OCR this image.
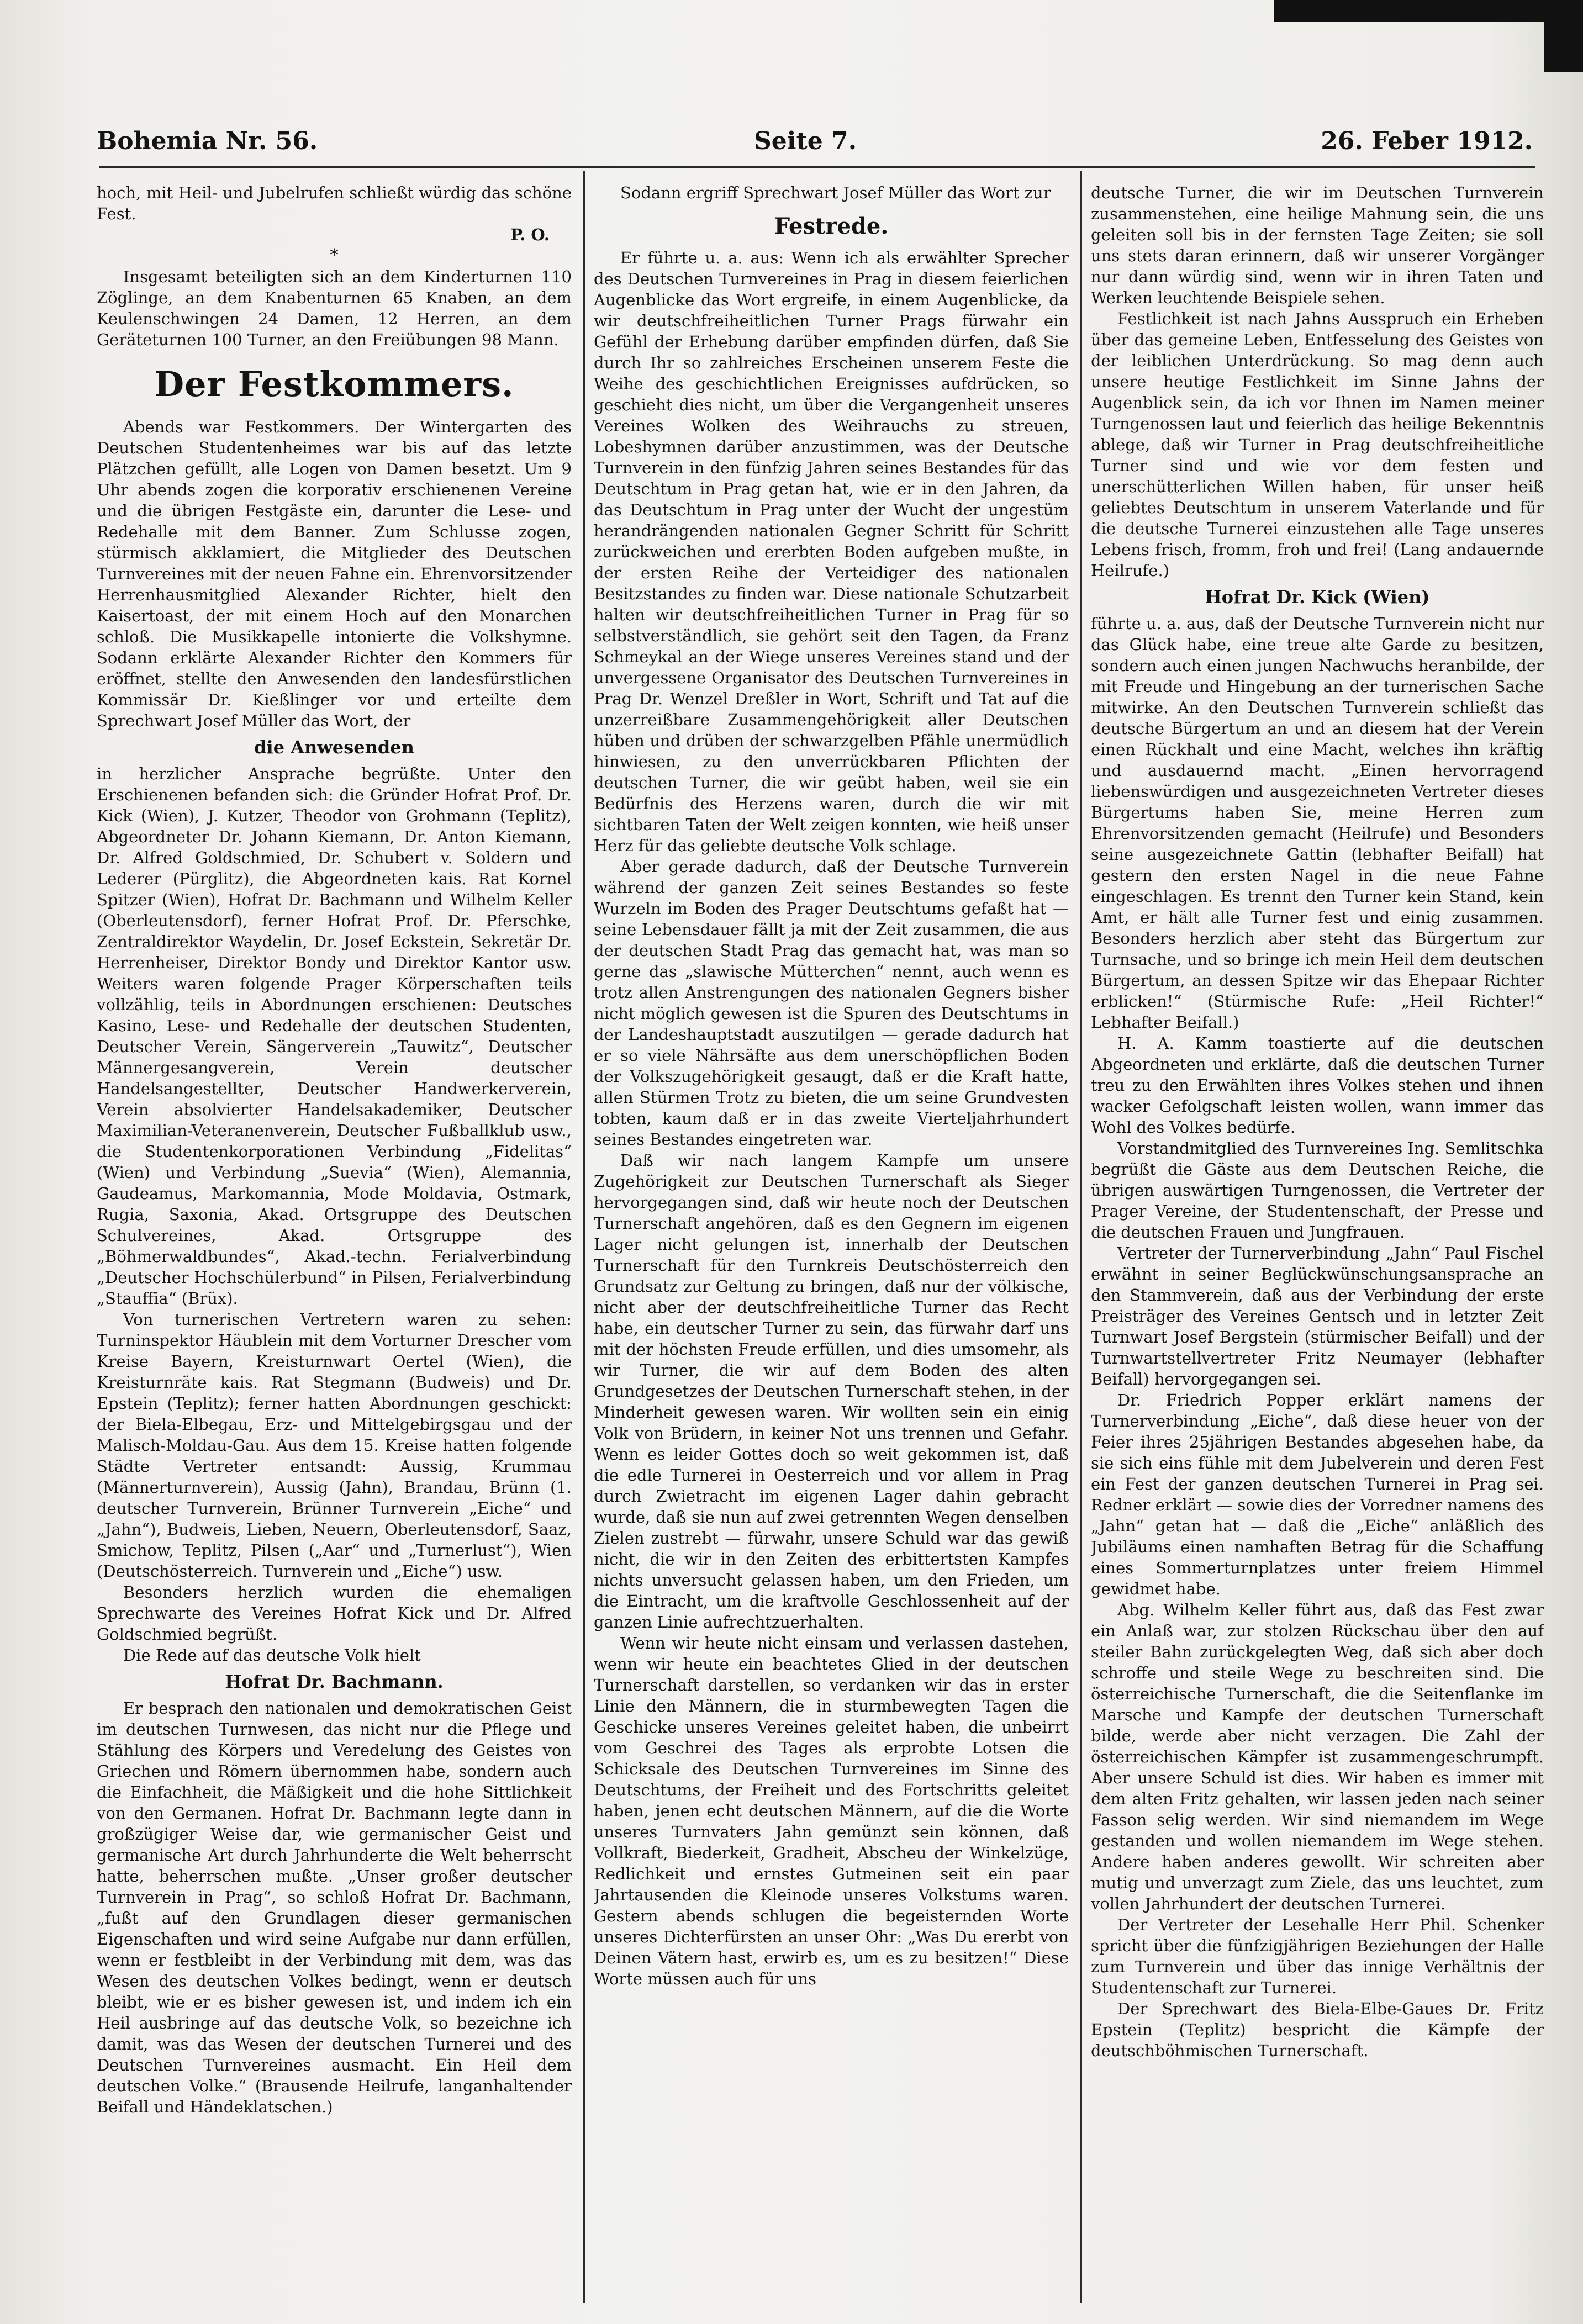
Bohemia Nr. 56.	Seite 7.	26. Feber 1912.

hoch, mit Heil- und Jubelrufen schließt würdig das schöne Fest.

P. O.
*

Insgesamt beteiligten sich an dem Kinderturnen 110 Zöglinge, an dem Knabenturnen 65 Knaben, an dem Keulenschwingen 24 Damen, 12 Herren, an dem Geräteturnen 100 Turner, an den Freiübungen 98 Mann.

Der Festkommers.

Abends war Festkommers. Der Wintergarten des Deutschen Studentenheimes war bis auf das letzte Plätzchen gefüllt, alle Logen von Damen besetzt. Um 9 Uhr abends zogen die korporativ erschienenen Vereine und die übrigen Festgäste ein, darunter die Lese- und Redehalle mit dem Banner. Zum Schlusse zogen, stürmisch akklamiert, die Mitglieder des Deutschen Turnvereines mit der neuen Fahne ein. Ehrenvorsitzender Herrenhausmitglied Alexander Richter, hielt den Kaisertoast, der mit einem Hoch auf den Monarchen schloß. Die Musikkapelle intonierte die Volkshymne. Sodann erklärte Alexander Richter den Kommers für eröffnet, stellte den Anwesenden den landesfürstlichen Kommissär Dr. Kießlinger vor und erteilte dem Sprechwart Josef Müller das Wort, der

die Anwesenden

in herzlicher Ansprache begrüßte. Unter den Erschienenen befanden sich: die Gründer Hofrat Prof. Dr. Kick (Wien), J. Kutzer, Theodor von Grohmann (Teplitz), Abgeordneter Dr. Johann Kiemann, Dr. Anton Kiemann, Dr. Alfred Goldschmied, Dr. Schubert v. Soldern und Lederer (Pürglitz), die Abgeordneten kais. Rat Kornel Spitzer (Wien), Hofrat Dr. Bachmann und Wilhelm Keller (Oberleutensdorf), ferner Hofrat Prof. Dr. Pferschke, Zentraldirektor Waydelin, Dr. Josef Eckstein, Sekretär Dr. Herrenheiser, Direktor Bondy und Direktor Kantor usw. Weiters waren folgende Prager Körperschaften teils vollzählig, teils in Abordnungen erschienen: Deutsches Kasino, Lese- und Redehalle der deutschen Studenten, Deutscher Verein, Sängerverein „Tauwitz“, Deutscher Männergesangverein, Verein deutscher Handelsangestellter, Deutscher Handwerkerverein, Verein absolvierter Handelsakademiker, Deutscher Maximilian-Veteranenverein, Deutscher Fußballklub usw., die Studentenkorporationen Verbindung „Fidelitas“ (Wien) und Verbindung „Suevia“ (Wien), Alemannia, Gaudeamus, Markomannia, Mode Moldavia, Ostmark, Rugia, Saxonia, Akad. Ortsgruppe des Deutschen Schulvereines, Akad. Ortsgruppe des „Böhmerwaldbundes“, Akad.-techn. Ferialverbindung „Deutscher Hochschülerbund“ in Pilsen, Ferialverbindung „Stauffia“ (Brüx).

Von turnerischen Vertretern waren zu sehen: Turninspektor Häublein mit dem Vorturner Drescher vom Kreise Bayern, Kreisturnwart Oertel (Wien), die Kreisturnräte kais. Rat Stegmann (Budweis) und Dr. Epstein (Teplitz); ferner hatten Abordnungen geschickt: der Biela-Elbegau, Erz- und Mittelgebirgsgau und der Malisch-Moldau-Gau. Aus dem 15. Kreise hatten folgende Städte Vertreter entsandt: Aussig, Krummau (Männerturnverein), Aussig (Jahn), Brandau, Brünn (1. deutscher Turnverein, Brünner Turnverein „Eiche“ und „Jahn“), Budweis, Lieben, Neuern, Oberleutensdorf, Saaz, Smichow, Teplitz, Pilsen („Aar“ und „Turnerlust“), Wien (Deutschösterreich. Turnverein und „Eiche“) usw.

Besonders herzlich wurden die ehemaligen Sprechwarte des Vereines Hofrat Kick und Dr. Alfred Goldschmied begrüßt.

Die Rede auf das deutsche Volk hielt

Hofrat Dr. Bachmann.

Er besprach den nationalen und demokratischen Geist im deutschen Turnwesen, das nicht nur die Pflege und Stählung des Körpers und Veredelung des Geistes von Griechen und Römern übernommen habe, sondern auch die Einfachheit, die Mäßigkeit und die hohe Sittlichkeit von den Germanen. Hofrat Dr. Bachmann legte dann in großzügiger Weise dar, wie germanischer Geist und germanische Art durch Jahrhunderte die Welt beherrscht hatte, beherrschen mußte. „Unser großer deutscher Turnverein in Prag“, so schloß Hofrat Dr. Bachmann, „fußt auf den Grundlagen dieser germanischen Eigenschaften und wird seine Aufgabe nur dann erfüllen, wenn er festbleibt in der Verbindung mit dem, was das Wesen des deutschen Volkes bedingt, wenn er deutsch bleibt, wie er es bisher gewesen ist, und indem ich ein Heil ausbringe auf das deutsche Volk, so bezeichne ich damit, was das Wesen der deutschen Turnerei und des Deutschen Turnvereines ausmacht. Ein Heil dem deutschen Volke.“ (Brausende Heilrufe, langanhaltender Beifall und Händeklatschen.)

Sodann ergriff Sprechwart Josef Müller das Wort zur

Festrede.

Er führte u. a. aus: Wenn ich als erwählter Sprecher des Deutschen Turnvereines in Prag in diesem feierlichen Augenblicke das Wort ergreife, in einem Augenblicke, da wir deutschfreiheitlichen Turner Prags fürwahr ein Gefühl der Erhebung darüber empfinden dürfen, daß Sie durch Ihr so zahlreiches Erscheinen unserem Feste die Weihe des geschichtlichen Ereignisses aufdrücken, so geschieht dies nicht, um über die Vergangenheit unseres Vereines Wolken des Weihrauchs zu streuen, Lobeshymnen darüber anzustimmen, was der Deutsche Turnverein in den fünfzig Jahren seines Bestandes für das Deutschtum in Prag getan hat, wie er in den Jahren, da das Deutschtum in Prag unter der Wucht der ungestüm herandrängenden nationalen Gegner Schritt für Schritt zurückweichen und ererbten Boden aufgeben mußte, in der ersten Reihe der Verteidiger des nationalen Besitzstandes zu finden war. Diese nationale Schutzarbeit halten wir deutschfreiheitlichen Turner in Prag für so selbstverständlich, sie gehört seit den Tagen, da Franz Schmeykal an der Wiege unseres Vereines stand und der unvergessene Organisator des Deutschen Turnvereines in Prag Dr. Wenzel Dreßler in Wort, Schrift und Tat auf die unzerreißbare Zusammengehörigkeit aller Deutschen hüben und drüben der schwarzgelben Pfähle unermüdlich hinwiesen, zu den unverrückbaren Pflichten der deutschen Turner, die wir geübt haben, weil sie ein Bedürfnis des Herzens waren, durch die wir mit sichtbaren Taten der Welt zeigen konnten, wie heiß unser Herz für das geliebte deutsche Volk schlage.

Aber gerade dadurch, daß der Deutsche Turnverein während der ganzen Zeit seines Bestandes so feste Wurzeln im Boden des Prager Deutschtums gefaßt hat — seine Lebensdauer fällt ja mit der Zeit zusammen, die aus der deutschen Stadt Prag das gemacht hat, was man so gerne das „slawische Mütterchen“ nennt, auch wenn es trotz allen Anstrengungen des nationalen Gegners bisher nicht möglich gewesen ist die Spuren des Deutschtums in der Landeshauptstadt auszutilgen — gerade dadurch hat er so viele Nährsäfte aus dem unerschöpflichen Boden der Volkszugehörigkeit gesaugt, daß er die Kraft hatte, allen Stürmen Trotz zu bieten, die um seine Grundvesten tobten, kaum daß er in das zweite Vierteljahrhundert seines Bestandes eingetreten war.

Daß wir nach langem Kampfe um unsere Zugehörigkeit zur Deutschen Turnerschaft als Sieger hervorgegangen sind, daß wir heute noch der Deutschen Turnerschaft angehören, daß es den Gegnern im eigenen Lager nicht gelungen ist, innerhalb der Deutschen Turnerschaft für den Turnkreis Deutschösterreich den Grundsatz zur Geltung zu bringen, daß nur der völkische, nicht aber der deutschfreiheitliche Turner das Recht habe, ein deutscher Turner zu sein, das fürwahr darf uns mit der höchsten Freude erfüllen, und dies umsomehr, als wir Turner, die wir auf dem Boden des alten Grundgesetzes der Deutschen Turnerschaft stehen, in der Minderheit gewesen waren. Wir wollten sein ein einig Volk von Brüdern, in keiner Not uns trennen und Gefahr. Wenn es leider Gottes doch so weit gekommen ist, daß die edle Turnerei in Oesterreich und vor allem in Prag durch Zwietracht im eigenen Lager dahin gebracht wurde, daß sie nun auf zwei getrennten Wegen denselben Zielen zustrebt — fürwahr, unsere Schuld war das gewiß nicht, die wir in den Zeiten des erbittertsten Kampfes nichts unversucht gelassen haben, um den Frieden, um die Eintracht, um die kraftvolle Geschlossenheit auf der ganzen Linie aufrechtzuerhalten.

Wenn wir heute nicht einsam und verlassen dastehen, wenn wir heute ein beachtetes Glied in der deutschen Turnerschaft darstellen, so verdanken wir das in erster Linie den Männern, die in sturmbewegten Tagen die Geschicke unseres Vereines geleitet haben, die unbeirrt vom Geschrei des Tages als erprobte Lotsen die Schicksale des Deutschen Turnvereines im Sinne des Deutschtums, der Freiheit und des Fortschritts geleitet haben, jenen echt deutschen Männern, auf die die Worte unseres Turnvaters Jahn gemünzt sein können, daß Vollkraft, Biederkeit, Gradheit, Abscheu der Winkelzüge, Redlichkeit und ernstes Gutmeinen seit ein paar Jahrtausenden die Kleinode unseres Volkstums waren. Gestern abends schlugen die begeisternden Worte unseres Dichterfürsten an unser Ohr: „Was Du ererbt von Deinen Vätern hast, erwirb es, um es zu besitzen!“ Diese Worte müssen auch für uns

deutsche Turner, die wir im Deutschen Turnverein zusammenstehen, eine heilige Mahnung sein, die uns geleiten soll bis in der fernsten Tage Zeiten; sie soll uns stets daran erinnern, daß wir unserer Vorgänger nur dann würdig sind, wenn wir in ihren Taten und Werken leuchtende Beispiele sehen.

Festlichkeit ist nach Jahns Ausspruch ein Erheben über das gemeine Leben, Entfesselung des Geistes von der leiblichen Unterdrückung. So mag denn auch unsere heutige Festlichkeit im Sinne Jahns der Augenblick sein, da ich vor Ihnen im Namen meiner Turngenossen laut und feierlich das heilige Bekenntnis ablege, daß wir Turner in Prag deutschfreiheitliche Turner sind und wie vor dem festen und unerschütterlichen Willen haben, für unser heiß geliebtes Deutschtum in unserem Vaterlande und für die deutsche Turnerei einzustehen alle Tage unseres Lebens frisch, fromm, froh und frei! (Lang andauernde Heilrufe.)

Hofrat Dr. Kick (Wien)

führte u. a. aus, daß der Deutsche Turnverein nicht nur das Glück habe, eine treue alte Garde zu besitzen, sondern auch einen jungen Nachwuchs heranbilde, der mit Freude und Hingebung an der turnerischen Sache mitwirke. An den Deutschen Turnverein schließt das deutsche Bürgertum an und an diesem hat der Verein einen Rückhalt und eine Macht, welches ihn kräftig und ausdauernd macht. „Einen hervorragend liebenswürdigen und ausgezeichneten Vertreter dieses Bürgertums haben Sie, meine Herren zum Ehrenvorsitzenden gemacht (Heilrufe) und Besonders seine ausgezeichnete Gattin (lebhafter Beifall) hat gestern den ersten Nagel in die neue Fahne eingeschlagen. Es trennt den Turner kein Stand, kein Amt, er hält alle Turner fest und einig zusammen. Besonders herzlich aber steht das Bürgertum zur Turnsache, und so bringe ich mein Heil dem deutschen Bürgertum, an dessen Spitze wir das Ehepaar Richter erblicken!“ (Stürmische Rufe: „Heil Richter!“ Lebhafter Beifall.)

H. A. Kamm toastierte auf die deutschen Abgeordneten und erklärte, daß die deutschen Turner treu zu den Erwählten ihres Volkes stehen und ihnen wacker Gefolgschaft leisten wollen, wann immer das Wohl des Volkes bedürfe.

Vorstandmitglied des Turnvereines Ing. Semlitschka begrüßt die Gäste aus dem Deutschen Reiche, die übrigen auswärtigen Turngenossen, die Vertreter der Prager Vereine, der Studentenschaft, der Presse und die deutschen Frauen und Jungfrauen.

Vertreter der Turnerverbindung „Jahn“ Paul Fischel erwähnt in seiner Beglückwünschungsansprache an den Stammverein, daß aus der Verbindung der erste Preisträger des Vereines Gentsch und in letzter Zeit Turnwart Josef Bergstein (stürmischer Beifall) und der Turnwartstellvertreter Fritz Neumayer (lebhafter Beifall) hervorgegangen sei.

Dr. Friedrich Popper erklärt namens der Turnerverbindung „Eiche“, daß diese heuer von der Feier ihres 25jährigen Bestandes abgesehen habe, da sie sich eins fühle mit dem Jubelverein und deren Fest ein Fest der ganzen deutschen Turnerei in Prag sei. Redner erklärt — sowie dies der Vorredner namens des „Jahn“ getan hat — daß die „Eiche“ anläßlich des Jubiläums einen namhaften Betrag für die Schaffung eines Sommerturnplatzes unter freiem Himmel gewidmet habe.

Abg. Wilhelm Keller führt aus, daß das Fest zwar ein Anlaß war, zur stolzen Rückschau über den auf steiler Bahn zurückgelegten Weg, daß sich aber doch schroffe und steile Wege zu beschreiten sind. Die österreichische Turnerschaft, die die Seitenflanke im Marsche und Kampfe der deutschen Turnerschaft bilde, werde aber nicht verzagen. Die Zahl der österreichischen Kämpfer ist zusammengeschrumpft. Aber unsere Schuld ist dies. Wir haben es immer mit dem alten Fritz gehalten, wir lassen jeden nach seiner Fasson selig werden. Wir sind niemandem im Wege gestanden und wollen niemandem im Wege stehen. Andere haben anderes gewollt. Wir schreiten aber mutig und unverzagt zum Ziele, das uns leuchtet, zum vollen Jahrhundert der deutschen Turnerei.

Der Vertreter der Lesehalle Herr Phil. Schenker spricht über die fünfzigjährigen Beziehungen der Halle zum Turnverein und über das innige Verhältnis der Studentenschaft zur Turnerei.

Der Sprechwart des Biela-Elbe-Gaues Dr. Fritz Epstein (Teplitz) bespricht die Kämpfe der deutschböhmischen Turnerschaft.
